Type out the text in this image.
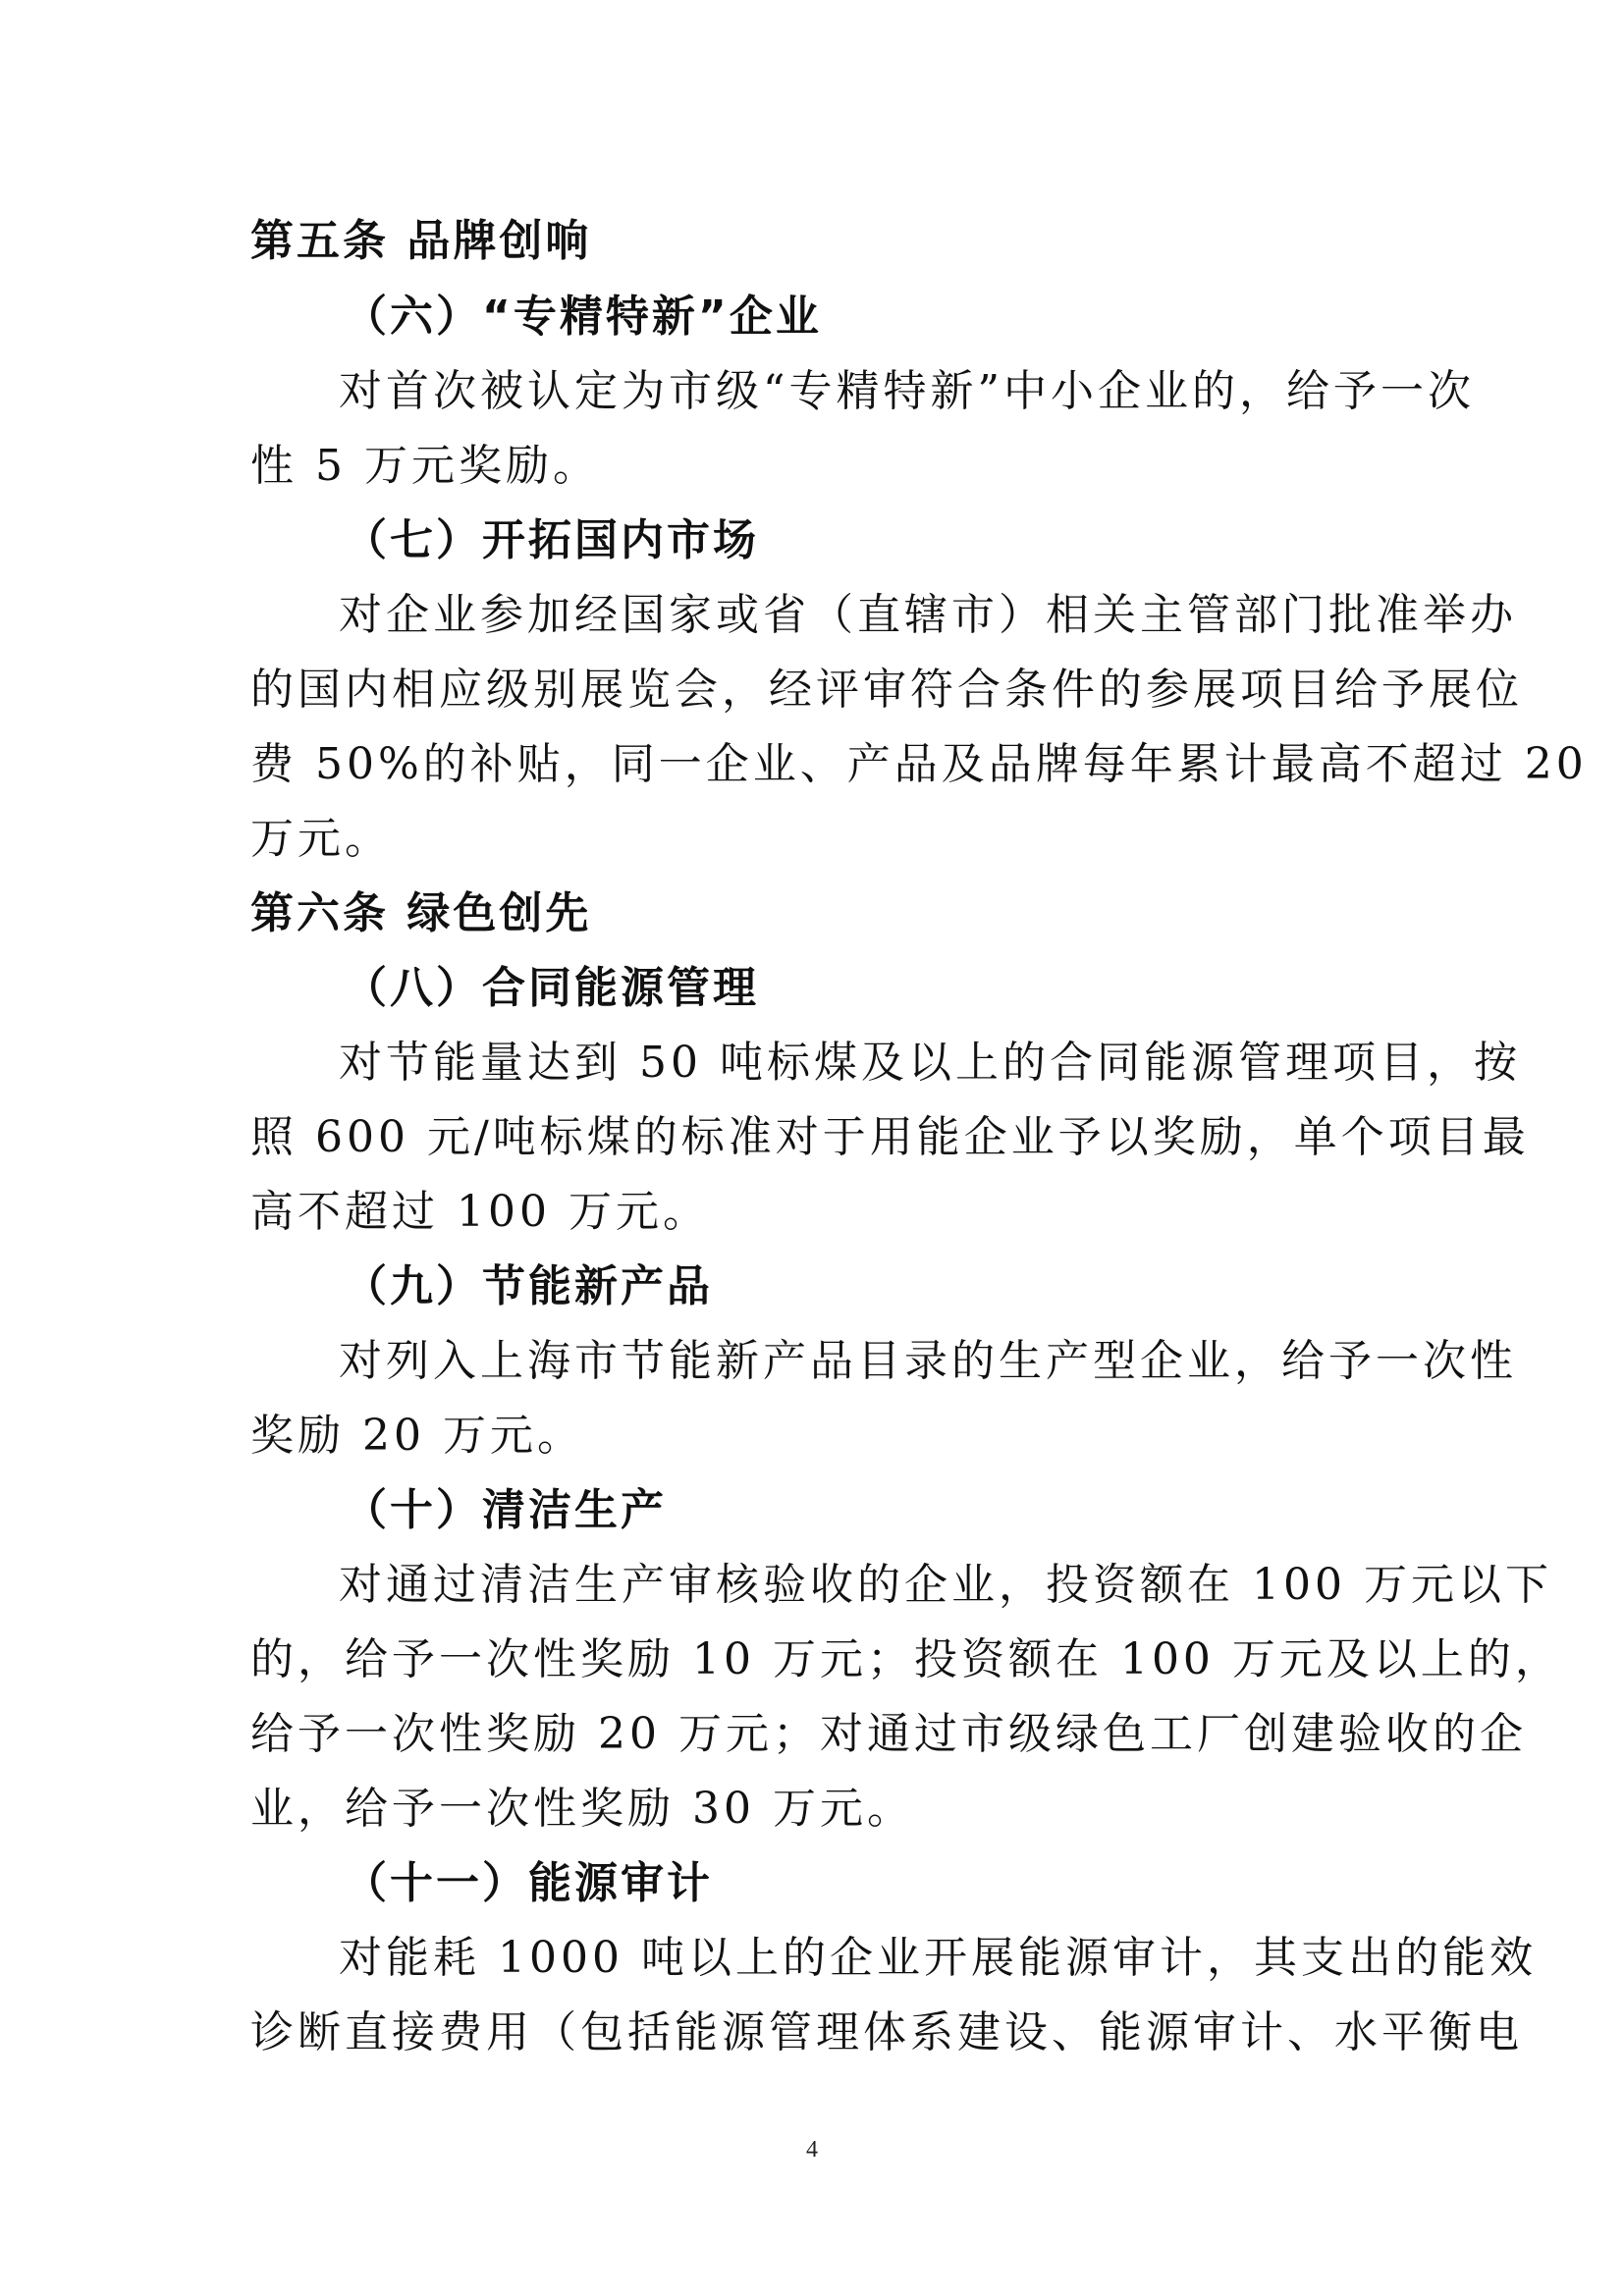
第五条 品牌创响
（六）“专精特新”企业
对首次被认定为市级“专精特新”中小企业的，给予一次
性 5 万元奖励。
（七）开拓国内市场
对企业参加经国家或省（直辖市）相关主管部门批准举办
的国内相应级别展览会，经评审符合条件的参展项目给予展位
费 50%的补贴，同一企业、产品及品牌每年累计最高不超过 20
万元。
第六条 绿色创先
（八）合同能源管理
对节能量达到 50 吨标煤及以上的合同能源管理项目，按
照 600 元/吨标煤的标准对于用能企业予以奖励，单个项目最
高不超过 100 万元。
（九）节能新产品
对列入上海市节能新产品目录的生产型企业，给予一次性
奖励 20 万元。
（十）清洁生产
对通过清洁生产审核验收的企业，投资额在 100 万元以下
的，给予一次性奖励 10 万元；投资额在 100 万元及以上的，
给予一次性奖励 20 万元；对通过市级绿色工厂创建验收的企
业，给予一次性奖励 30 万元。
（十一）能源审计
对能耗 1000 吨以上的企业开展能源审计，其支出的能效
诊断直接费用（包括能源管理体系建设、能源审计、水平衡电
4
